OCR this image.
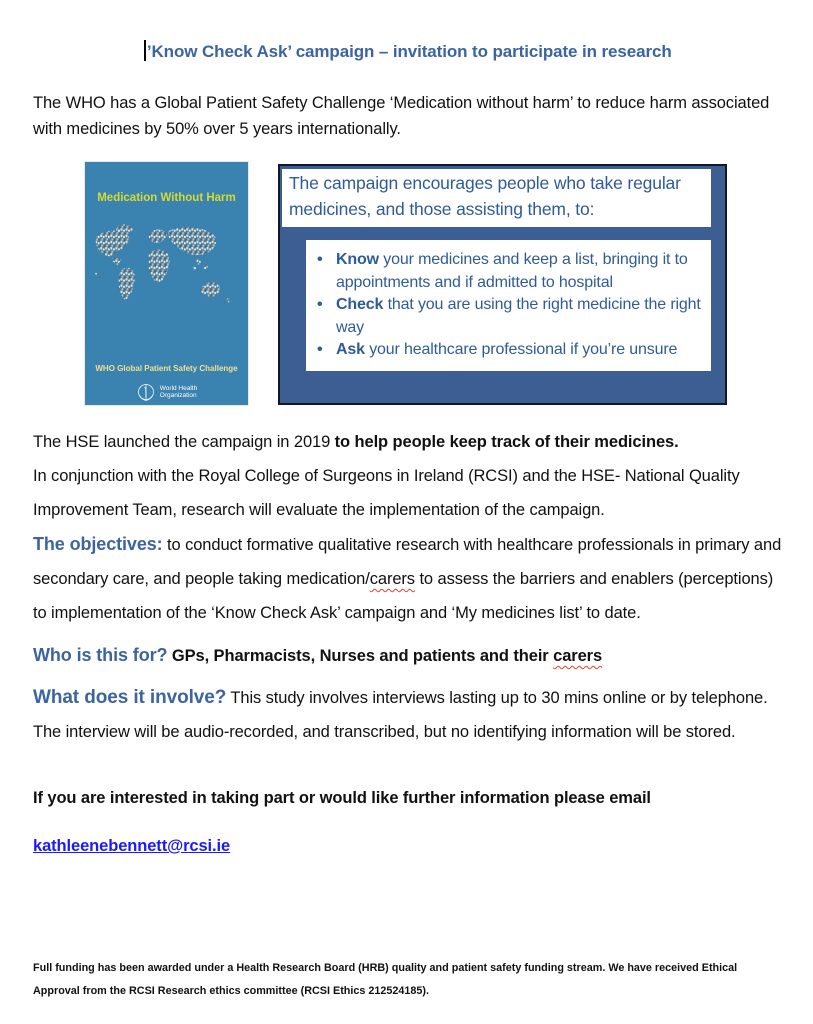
’Know Check Ask’ campaign – invitation to participate in research

The WHO has a Global Patient Safety Challenge ‘Medication without harm’ to reduce harm associated with medicines by 50% over 5 years internationally.

Medication Without Harm
WHO Global Patient Safety Challenge
World Health
Organization
The campaign encourages people who take regular medicines, and those assisting them, to:
• Know your medicines and keep a list, bringing it to appointments and if admitted to hospital
• Check that you are using the right medicine the right way
• Ask your healthcare professional if you’re unsure

The HSE launched the campaign in 2019 to help people keep track of their medicines.

In conjunction with the Royal College of Surgeons in Ireland (RCSI) and the HSE- National Quality Improvement Team, research will evaluate the implementation of the campaign.

The objectives: to conduct formative qualitative research with healthcare professionals in primary and secondary care, and people taking medication/carers to assess the barriers and enablers (perceptions) to implementation of the ‘Know Check Ask’ campaign and ‘My medicines list’ to date.

Who is this for? GPs, Pharmacists, Nurses and patients and their carers

What does it involve? This study involves interviews lasting up to 30 mins online or by telephone. The interview will be audio-recorded, and transcribed, but no identifying information will be stored.

If you are interested in taking part or would like further information please email

kathleenebennett@rcsi.ie

Full funding has been awarded under a Health Research Board (HRB) quality and patient safety funding stream. We have received Ethical Approval from the RCSI Research ethics committee (RCSI Ethics 212524185).
